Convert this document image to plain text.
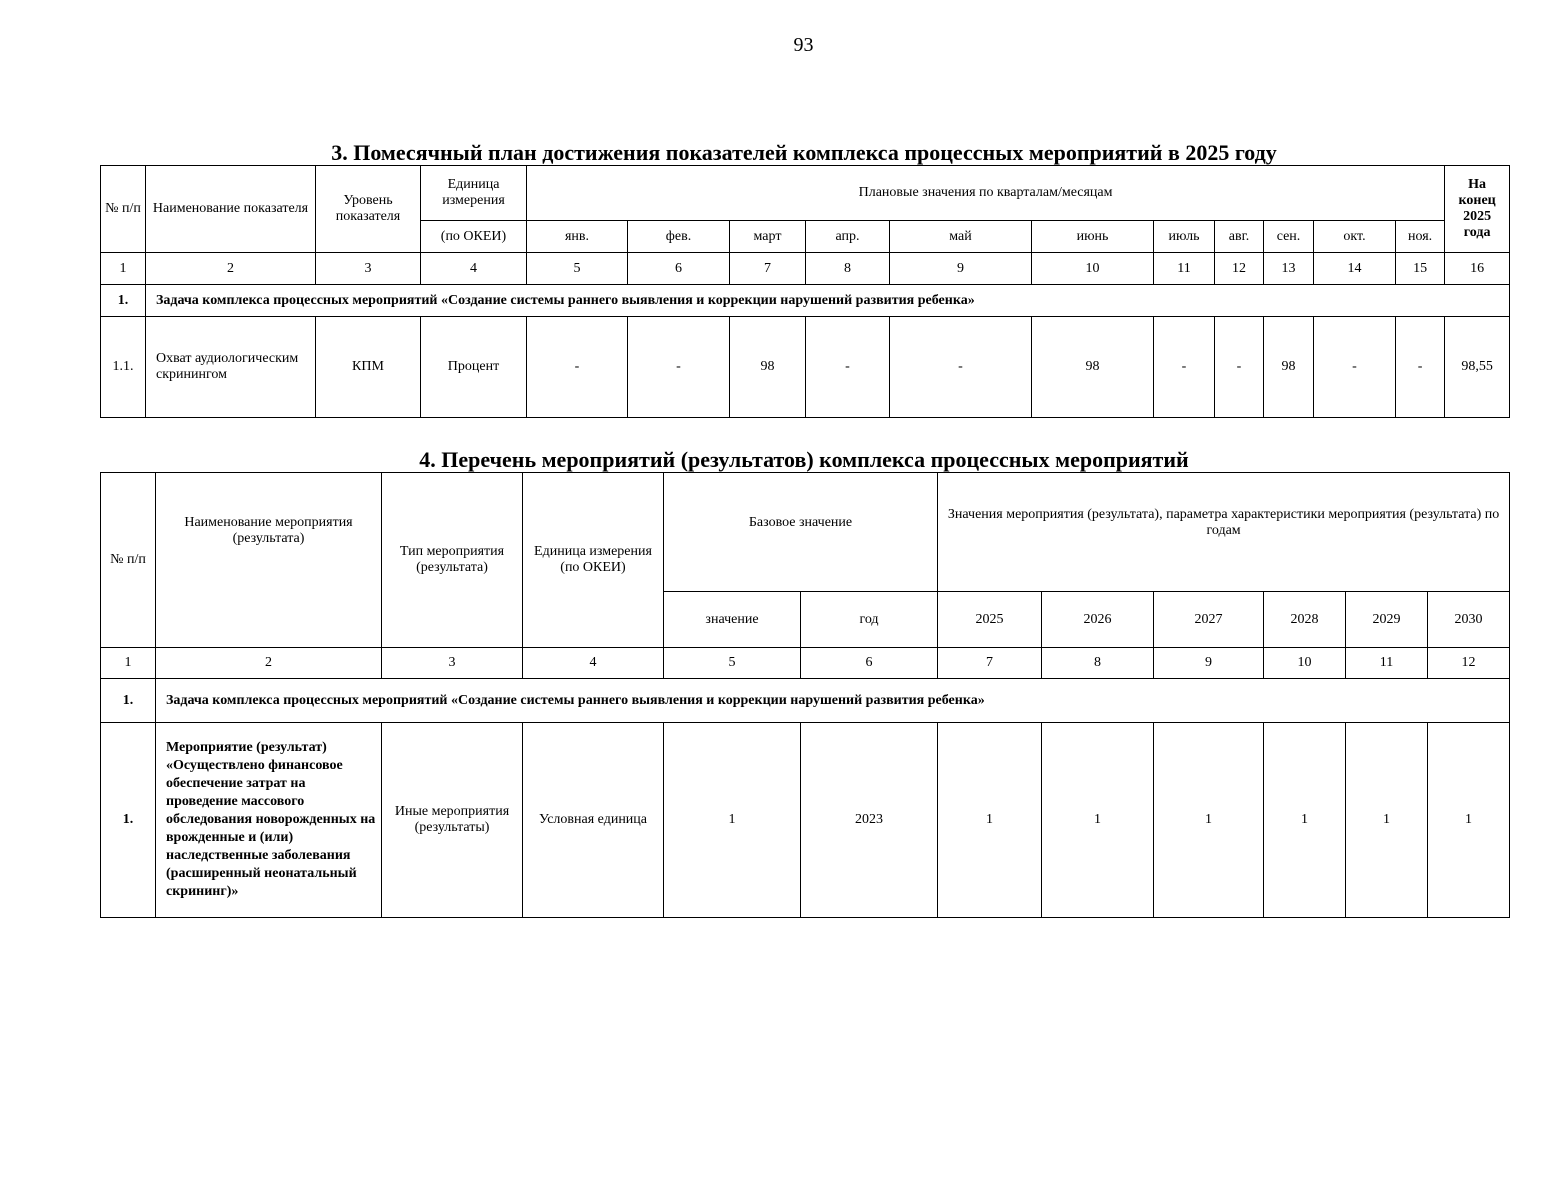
93
3. Помесячный план достижения показателей комплекса процессных мероприятий в 2025 году
№ п/п	Наименование показателя	Уровень показателя	Единица измерения	Плановые значения по кварталам/месяцам											На конец 2025 года
			(по ОКЕИ)	янв.	фев.	март	апр.	май	июнь	июль	авг.	сен.	окт.	ноя.	
1	2	3	4	5	6	7	8	9	10	11	12	13	14	15	16
1.	Задача комплекса процессных мероприятий «Создание системы раннего выявления и коррекции нарушений развития ребенка»														
1.1.	Охват аудиологическим скринингом	КПМ	Процент	-	-	98	-	-	98	-	-	98	-	-	98,55
4. Перечень мероприятий (результатов) комплекса процессных мероприятий
№ п/п	Наименование мероприятия (результата)	Тип мероприятия (результата)	Единица измерения (по ОКЕИ)	Базовое значение		Значения мероприятия (результата), параметра характеристики мероприятия (результата) по годам					
				значение	год	2025	2026	2027	2028	2029	2030
1	2	3	4	5	6	7	8	9	10	11	12
1.	Задача комплекса процессных мероприятий «Создание системы раннего выявления и коррекции нарушений развития ребенка»										
1.	Мероприятие (результат) «Осуществлено финансовое обеспечение затрат на проведение массового обследования новорожденных на врожденные и (или) наследственные заболевания (расширенный неонатальный скрининг)»	Иные мероприятия (результаты)	Условная единица	1	2023	1	1	1	1	1	1
